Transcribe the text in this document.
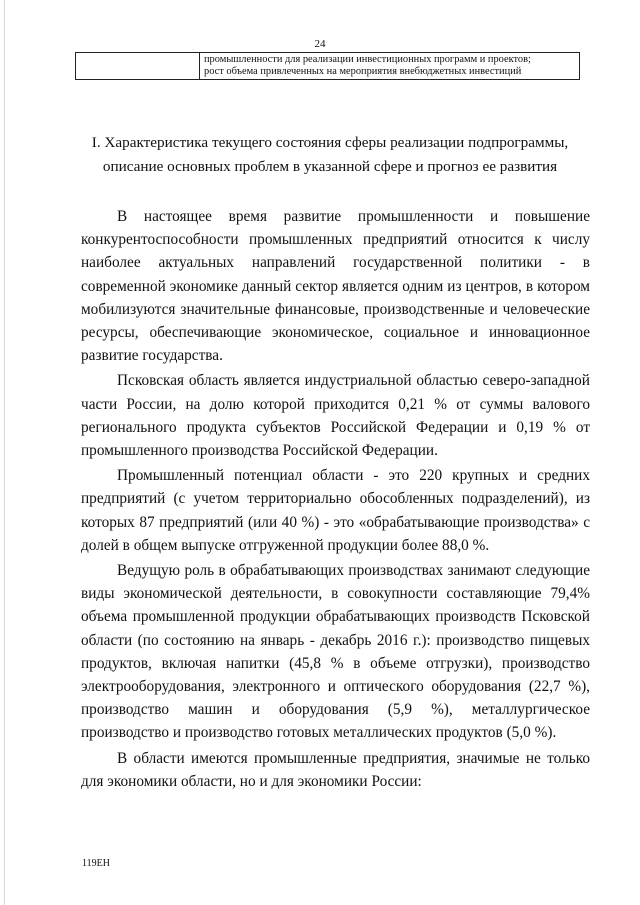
24

промышленности для реализации инвестиционных программ и проектов;
рост объема привлеченных на мероприятия внебюджетных инвестиций
I. Характеристика текущего состояния сферы реализации подпрограммы, описание основных проблем в указанной сфере и прогноз ее развития

В настоящее время развитие промышленности и повышение конкурентоспособности промышленных предприятий относится к числу наиболее актуальных направлений государственной политики - в современной экономике данный сектор является одним из центров, в котором мобилизуются значительные финансовые, производственные и человеческие ресурсы, обеспечивающие экономическое, социальное и инновационное развитие государства.

Псковская область является индустриальной областью северо-западной части России, на долю которой приходится 0,21 % от суммы валового регионального продукта субъектов Российской Федерации и 0,19 % от промышленного производства Российской Федерации.

Промышленный потенциал области - это 220 крупных и средних предприятий (с учетом территориально обособленных подразделений), из которых 87 предприятий (или 40 %) - это «обрабатывающие производства» с долей в общем выпуске отгруженной продукции более 88,0 %.

Ведущую роль в обрабатывающих производствах занимают следующие виды экономической деятельности, в совокупности составляющие 79,4% объема промышленной продукции обрабатывающих производств Псковской области (по состоянию на январь - декабрь 2016 г.): производство пищевых продуктов, включая напитки (45,8 % в объеме отгрузки), производство электрооборудования, электронного и оптического оборудования (22,7 %), производство машин и оборудования (5,9 %), металлургическое производство и производство готовых металлических продуктов (5,0 %).

В области имеются промышленные предприятия, значимые не только для экономики области, но и для экономики России:

119ЕН
